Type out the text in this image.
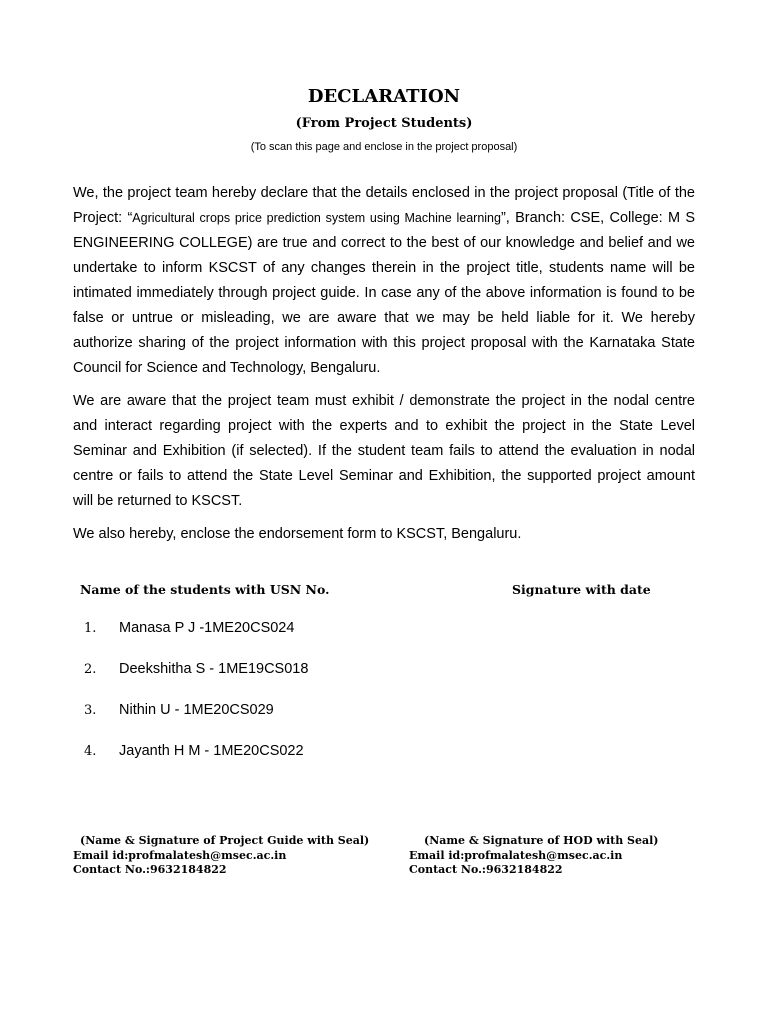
DECLARATION
(From Project Students)
(To scan this page and enclose in the project proposal)

We, the project team hereby declare that the details enclosed in the project proposal (Title of the Project: “Agricultural crops price prediction system using Machine learning”, Branch: CSE, College: M S ENGINEERING COLLEGE) are true and correct to the best of our knowledge and belief and we undertake to inform KSCST of any changes therein in the project title, students name will be intimated immediately through project guide. In case any of the above information is found to be false or untrue or misleading, we are aware that we may be held liable for it. We hereby authorize sharing of the project information with this project proposal with the Karnataka State Council for Science and Technology, Bengaluru.

We are aware that the project team must exhibit / demonstrate the project in the nodal centre and interact regarding project with the experts and to exhibit the project in the State Level Seminar and Exhibition (if selected). If the student team fails to attend the evaluation in nodal centre or fails to attend the State Level Seminar and Exhibition, the supported project amount will be returned to KSCST.

We also hereby, enclose the endorsement form to KSCST, Bengaluru.

Name of the students with USN No.	Signature with date
1. Manasa P J -1ME20CS024
2. Deekshitha S - 1ME19CS018
3. Nithin U - 1ME20CS029
4. Jayanth H M - 1ME20CS022
(Name & Signature of Project Guide with Seal)
Email id:profmalatesh@msec.ac.in
Contact No.:9632184822
(Name & Signature of HOD with Seal)
Email id:profmalatesh@msec.ac.in
Contact No.:9632184822
